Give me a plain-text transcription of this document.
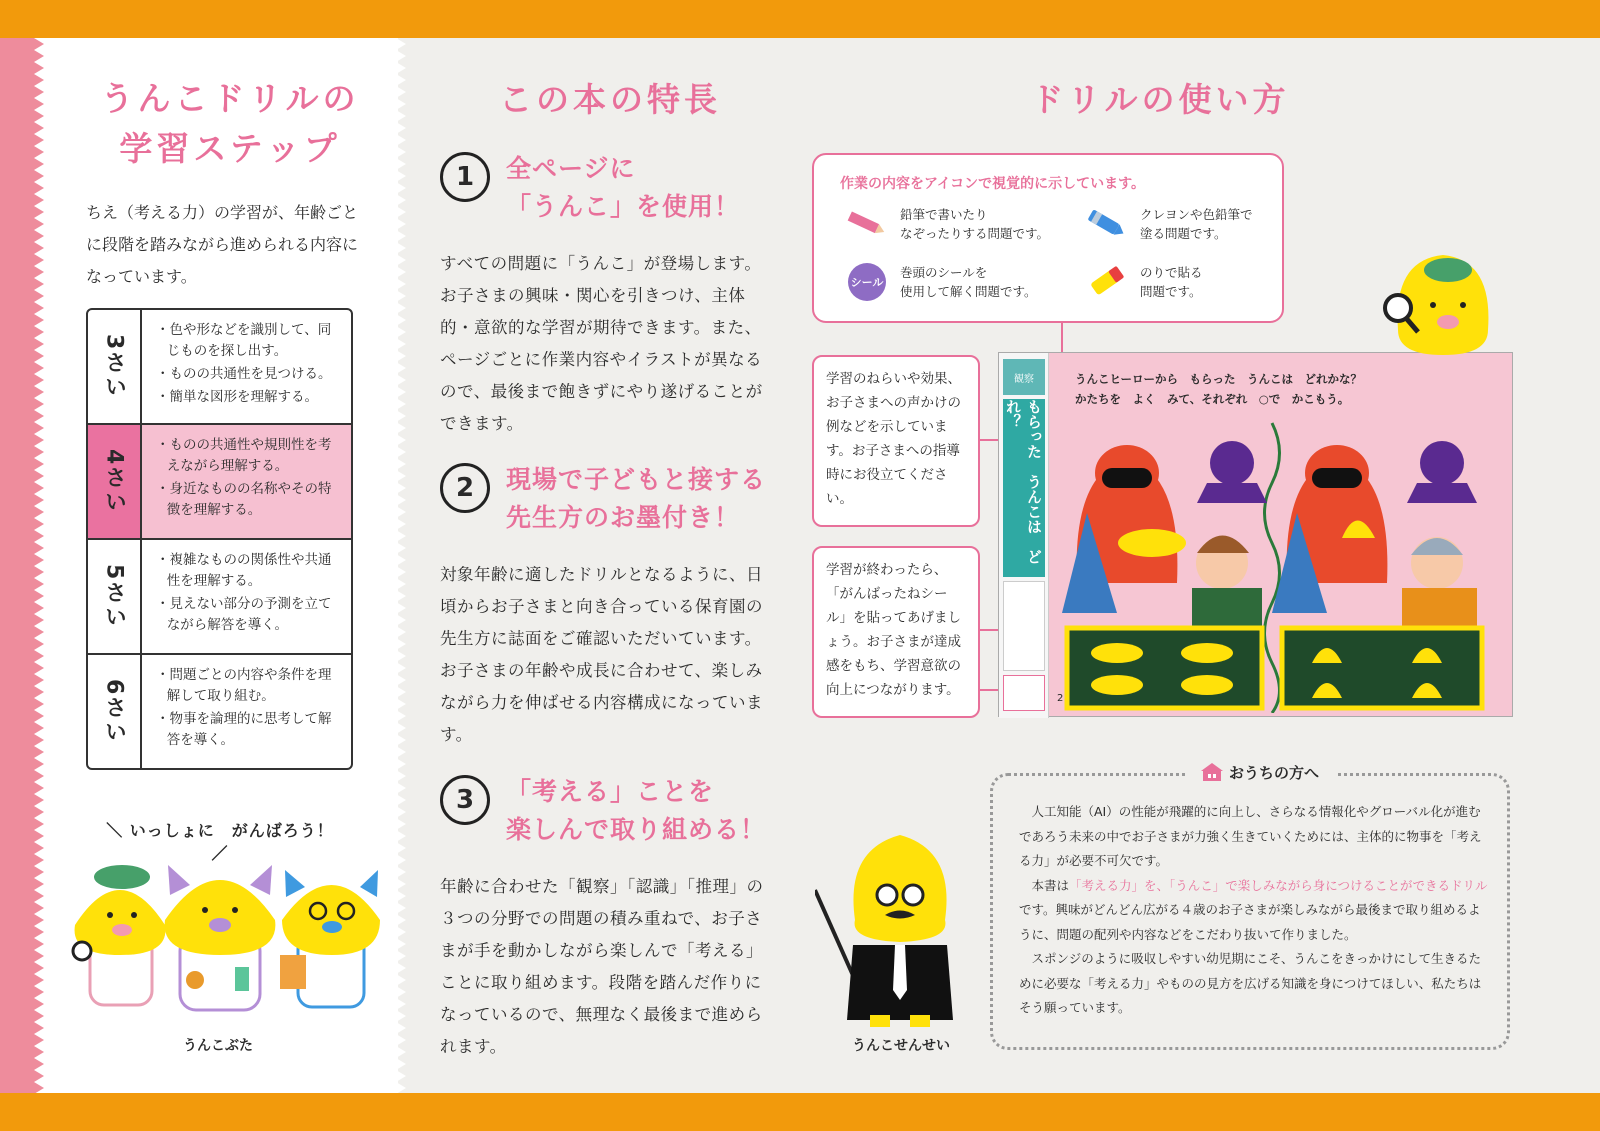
うんこドリルの
学習ステップ
ちえ（考える力）の学習が、年齢ごとに段階を踏みながら進められる内容になっています。
3さい
・色や形などを識別して、同じものを探し出す。
・ものの共通性を見つける。
・簡単な図形を理解する。
4さい
・ものの共通性や規則性を考えながら理解する。
・身近なものの名称やその特徴を理解する。
5さい
・複雑なものの関係性や共通性を理解する。
・見えない部分の予測を立てながら解答を導く。
6さい
・問題ごとの内容や条件を理解して取り組む。
・物事を論理的に思考して解答を導く。
＼ いっしょに　がんばろう！ ／
うんこぶた
この本の特長
1	全ページに
「うんこ」を使用！
すべての問題に「うんこ」が登場します。お子さまの興味・関心を引きつけ、主体的・意欲的な学習が期待できます。また、ページごとに作業内容やイラストが異なるので、最後まで飽きずにやり遂げることができます。
2	現場で子どもと接する
先生方のお墨付き！
対象年齢に適したドリルとなるように、日頃からお子さまと向き合っている保育園の先生方に誌面をご確認いただいています。お子さまの年齢や成長に合わせて、楽しみながら力を伸ばせる内容構成になっています。
3	「考える」ことを
楽しんで取り組める！
年齢に合わせた「観察」「認識」「推理」の３つの分野での問題の積み重ねで、お子さまが手を動かしながら楽しんで「考える」ことに取り組めます。段階を踏んだ作りになっているので、無理なく最後まで進められます。
ドリルの使い方
作業の内容をアイコンで視覚的に示しています。
鉛筆で書いたり
なぞったりする問題です。
クレヨンや色鉛筆で
塗る問題です。
シール
巻頭のシールを
使用して解く問題です。
のりで貼る
問題です。
学習のねらいや効果、お子さまへの声かけの例などを示しています。お子さまへの指導時にお役立てください。
学習が終わったら、「がんばったねシール」を貼ってあげましょう。お子さまが達成感をもち、学習意欲の向上につながります。
観察
もらった　うんこは　どれ？
うんこヒーローから　もらった　うんこは　どれかな？
かたちを　よく　みて、それぞれ　○で　かこもう。
2
うんこせんせい
おうちの方へ

人工知能（AI）の性能が飛躍的に向上し、さらなる情報化やグローバル化が進むであろう未来の中でお子さまが力強く生きていくためには、主体的に物事を「考える力」が必要不可欠です。

本書は「考える力」を、「うんこ」で楽しみながら身につけることができるドリルです。興味がどんどん広がる４歳のお子さまが楽しみながら最後まで取り組めるように、問題の配列や内容などをこだわり抜いて作りました。

スポンジのように吸収しやすい幼児期にこそ、うんこをきっかけにして生きるために必要な「考える力」やものの見方を広げる知識を身につけてほしい、私たちはそう願っています。
